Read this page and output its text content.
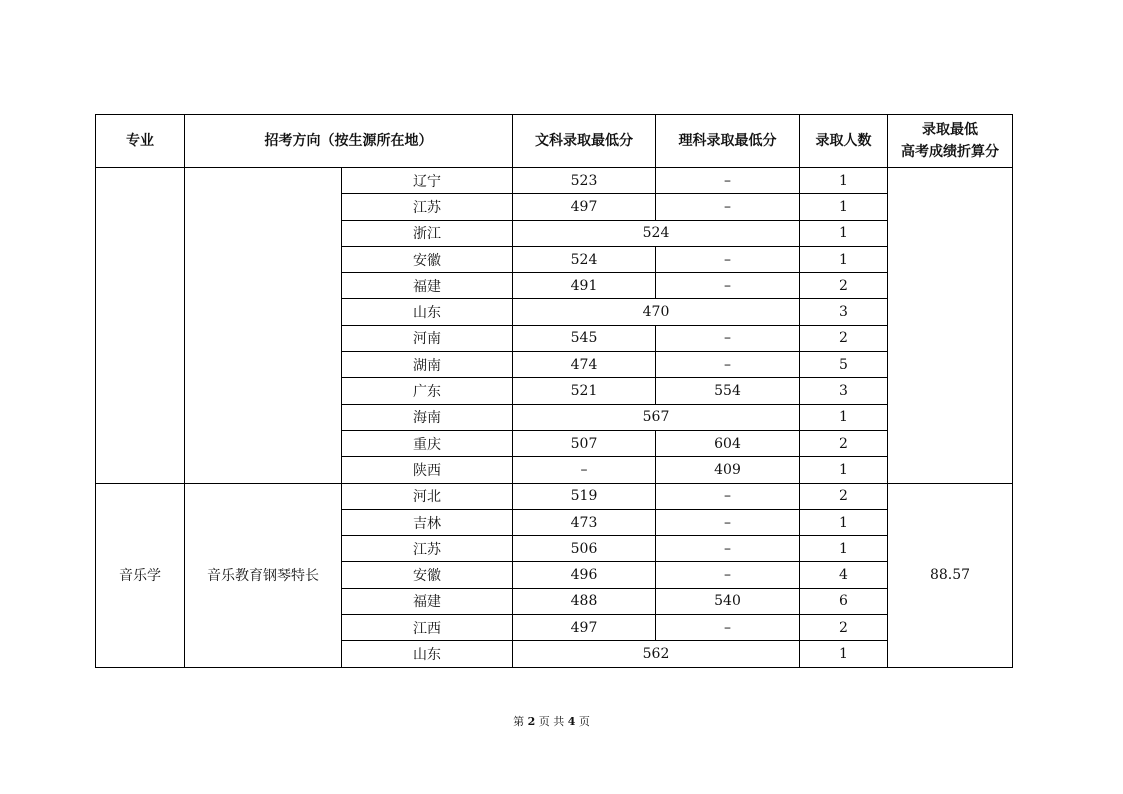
专业	招考方向（按生源所在地）		文科录取最低分	理科录取最低分	录取人数	录取最低
高考成绩折算分

		辽宁	523	–	1	
		江苏	497	–	1	
		浙江	524		1	
		安徽	524	–	1	
		福建	491	–	2	
		山东	470		3	
		河南	545	–	2	
		湖南	474	–	5	
		广东	521	554	3	
		海南	567		1	
		重庆	507	604	2	
		陕西	–	409	1	
音乐学	音乐教育钢琴特长	河北	519	–	2	88.57
		吉林	473	–	1	
		江苏	506	–	1	
		安徽	496	–	4	
		福建	488	540	6	
		江西	497	–	2	
		山东	562		1	
第 2 页 共 4 页
